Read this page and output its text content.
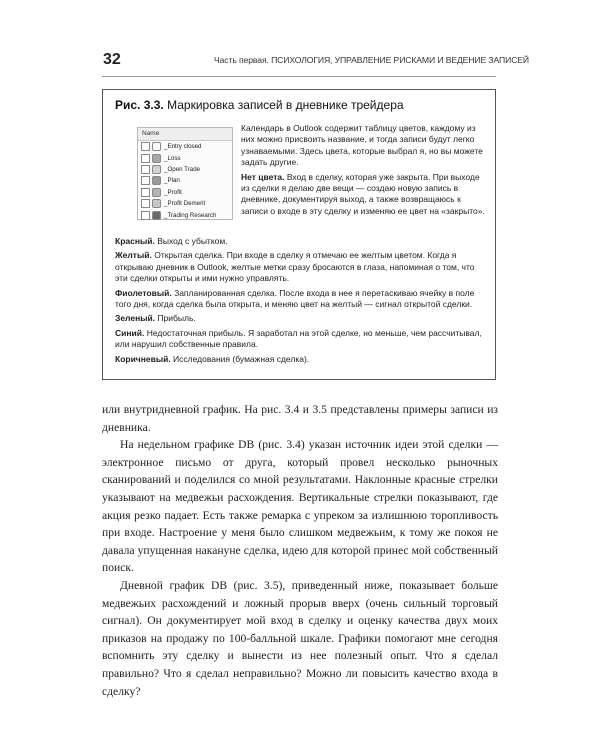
32	Часть первая. ПСИХОЛОГИЯ, УПРАВЛЕНИЕ РИСКАМИ И ВЕДЕНИЕ ЗАПИСЕЙ
Рис. 3.3. Маркировка записей в дневнике трейдера
Name
_Entry closed
_Loss
_Open Trade
_Plan
_Profit
_Profit Demerit
_Trading Research

Календарь в Outlook содержит таблицу цветов, каждому из них можно присвоить название, и тогда записи будут легко узнаваемыми. Здесь цвета, которые выбрал я, но вы можете задать другие.

Нет цвета. Вход в сделку, которая уже закрыта. При выходе из сделки я делаю две вещи — создаю новую запись в дневнике, документируя выход, а также возвращаюсь к записи о входе в эту сделку и изменяю ее цвет на «закрыто».

Красный. Выход с убытком.

Желтый. Открытая сделка. При входе в сделку я отмечаю ее желтым цветом. Когда я открываю дневник в Outlook, желтые метки сразу бросаются в глаза, напоминая о том, что эти сделки открыты и ими нужно управлять.

Фиолетовый. Запланированная сделка. После входа в нее я перетаскиваю ячейку в поле того дня, когда сделка была открыта, и меняю цвет на желтый — сигнал открытой сделки.

Зеленый. Прибыль.

Синий. Недостаточная прибыль. Я заработал на этой сделке, но меньше, чем рассчитывал, или нарушил собственные правила.

Коричневый. Исследования (бумажная сделка).

или внутридневной график. На рис. 3.4 и 3.5 представлены примеры записи из дневника.

На недельном графике DB (рис. 3.4) указан источник идеи этой сделки — электронное письмо от друга, который провел несколько рыночных сканирований и поделился со мной результатами. Наклонные красные стрелки указывают на медвежьи расхождения. Вертикальные стрелки показывают, где акция резко падает. Есть также ремарка с упреком за излишнюю торопливость при входе. Настроение у меня было слишком медвежьим, к тому же покоя не давала упущенная накануне сделка, идею для которой принес мой собственный поиск.

Дневной график DB (рис. 3.5), приведенный ниже, показывает больше медвежьих расхождений и ложный прорыв вверх (очень сильный торговый сигнал). Он документирует мой вход в сделку и оценку качества двух моих приказов на продажу по 100-балльной шкале. Графики помогают мне сегодня вспомнить эту сделку и вынести из нее полезный опыт. Что я сделал правильно? Что я сделал неправильно? Можно ли повысить качество входа в сделку?
